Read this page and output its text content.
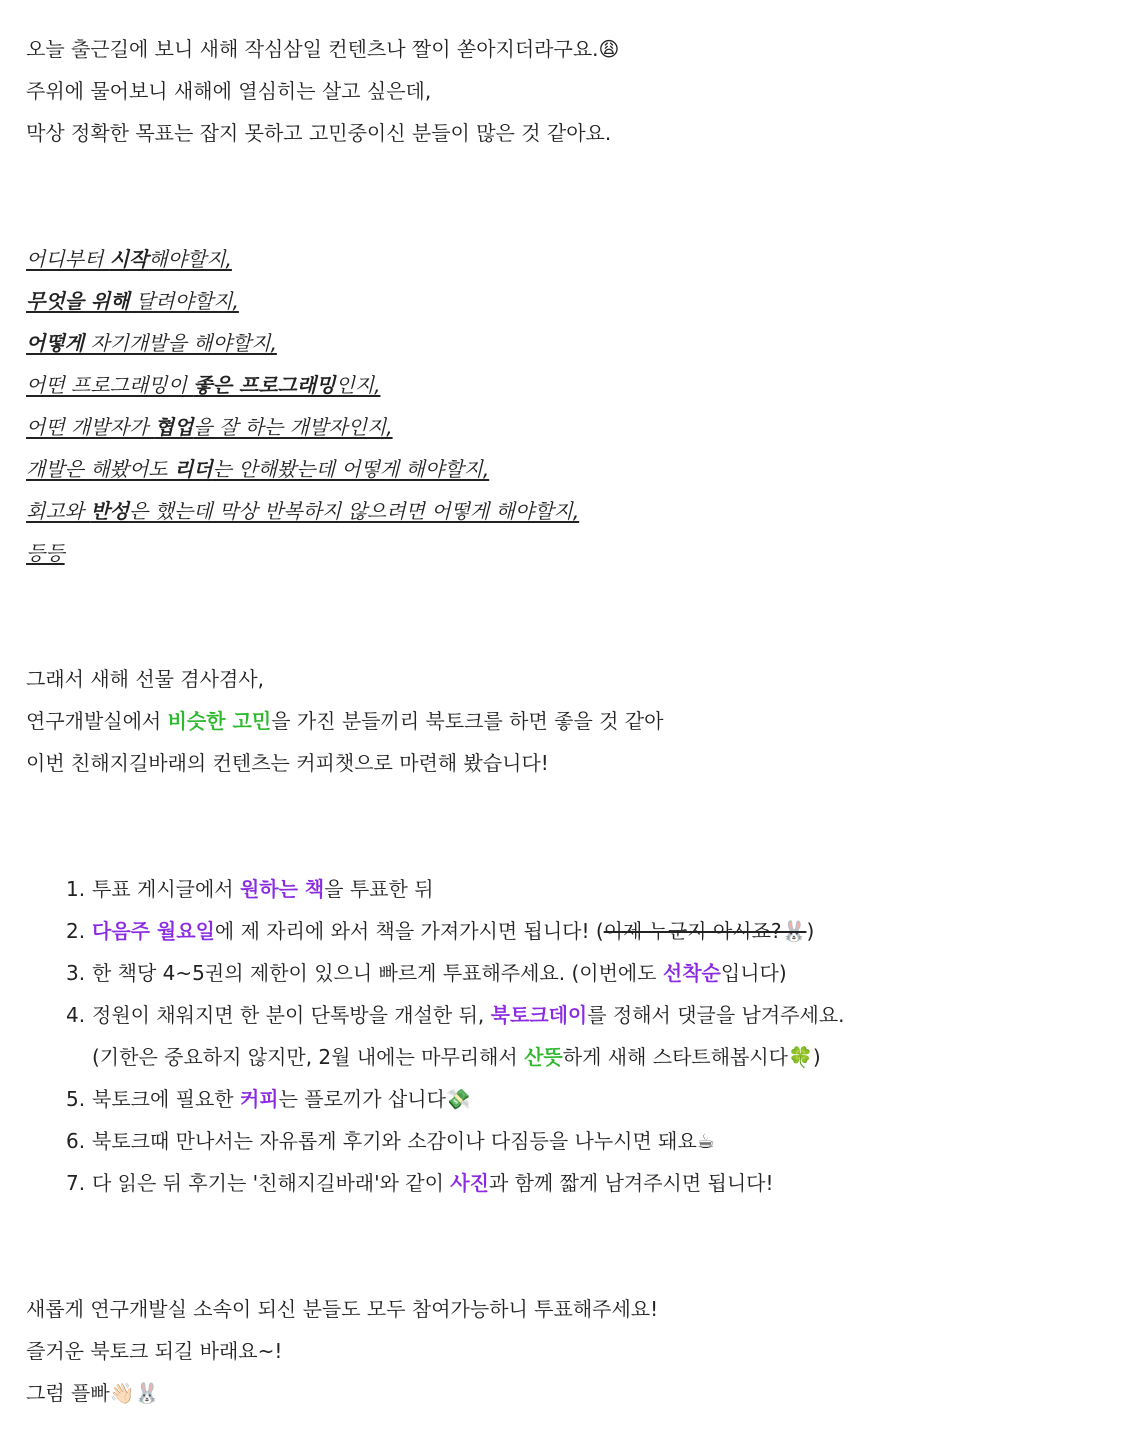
오늘 출근길에 보니 새해 작심삼일 컨텐츠나 짤이 쏟아지더라구요.😩
주위에 물어보니 새해에 열심히는 살고 싶은데,
막상 정확한 목표는 잡지 못하고 고민중이신 분들이 많은 것 같아요.
어디부터 시작해야할지,
무엇을 위해 달려야할지,
어떻게 자기개발을 해야할지,
어떤 프로그래밍이 좋은 프로그래밍인지,
어떤 개발자가 협업을 잘 하는 개발자인지,
개발은 해봤어도 리더는 안해봤는데 어떻게 해야할지,
회고와 반성은 했는데 막상 반복하지 않으려면 어떻게 해야할지,
등등
그래서 새해 선물 겸사겸사,
연구개발실에서 비슷한 고민을 가진 분들끼리 북토크를 하면 좋을 것 같아
이번 친해지길바래의 컨텐츠는 커피챗으로 마련해 봤습니다!
1. 투표 게시글에서 원하는 책을 투표한 뒤
2. 다음주 월요일에 제 자리에 와서 책을 가져가시면 됩니다! (이제 누군지 아시죠?🐰)
3. 한 책당 4~5권의 제한이 있으니 빠르게 투표해주세요. (이번에도 선착순입니다)
4. 정원이 채워지면 한 분이 단톡방을 개설한 뒤, 북토크데이를 정해서 댓글을 남겨주세요.
(기한은 중요하지 않지만, 2월 내에는 마무리해서 산뜻하게 새해 스타트해봅시다🍀)
5. 북토크에 필요한 커피는 플로끼가 삽니다💸
6. 북토크때 만나서는 자유롭게 후기와 소감이나 다짐등을 나누시면 돼요☕
7. 다 읽은 뒤 후기는 '친해지길바래'와 같이 사진과 함께 짧게 남겨주시면 됩니다!
새롭게 연구개발실 소속이 되신 분들도 모두 참여가능하니 투표해주세요!
즐거운 북토크 되길 바래요~!
그럼 플빠👋🏻🐰
